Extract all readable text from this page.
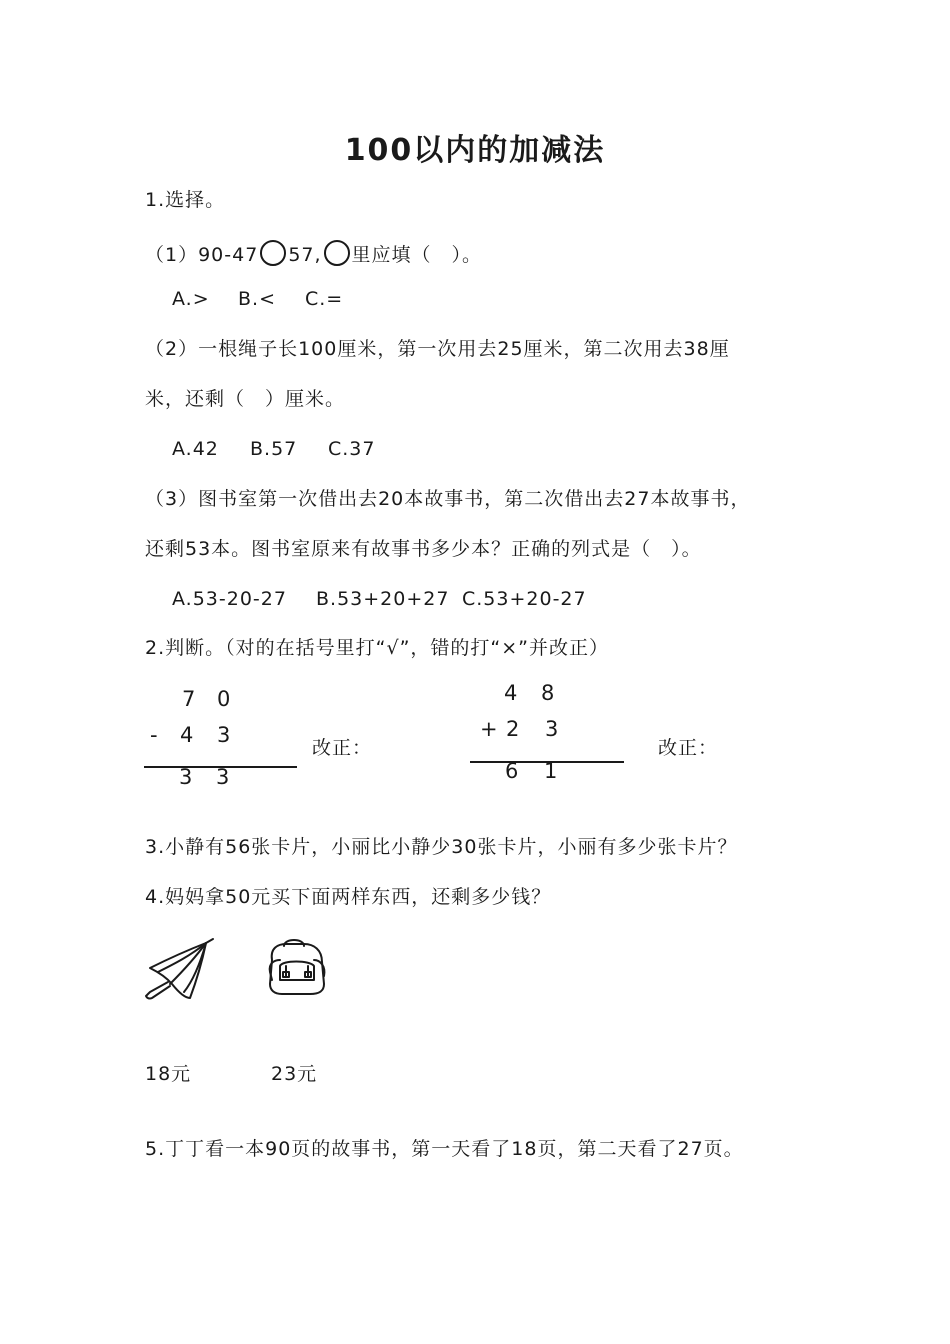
100以内的加减法
1.选择。
（1）90-47 57, 里应填（　）。
A.> B.< C.=
（2）一根绳子长100厘米，第一次用去25厘米，第二次用去38厘
米，还剩（　）厘米。
A.42 B.57 C.37
（3）图书室第一次借出去20本故事书，第二次借出去27本故事书，
还剩53本。图书室原来有故事书多少本？正确的列式是（　）。
A.53-20-27 B.53+20+27 C.53+20-27
2.判断。（对的在括号里打“√”，错的打“×”并改正）
7 0
- 4 3
3 3
改正：
4 8
+ 2 3
6 1
改正：
3.小静有56张卡片，小丽比小静少30张卡片，小丽有多少张卡片？
4.妈妈拿50元买下面两样东西，还剩多少钱？
18元	23元
5.丁丁看一本90页的故事书，第一天看了18页，第二天看了27页。
